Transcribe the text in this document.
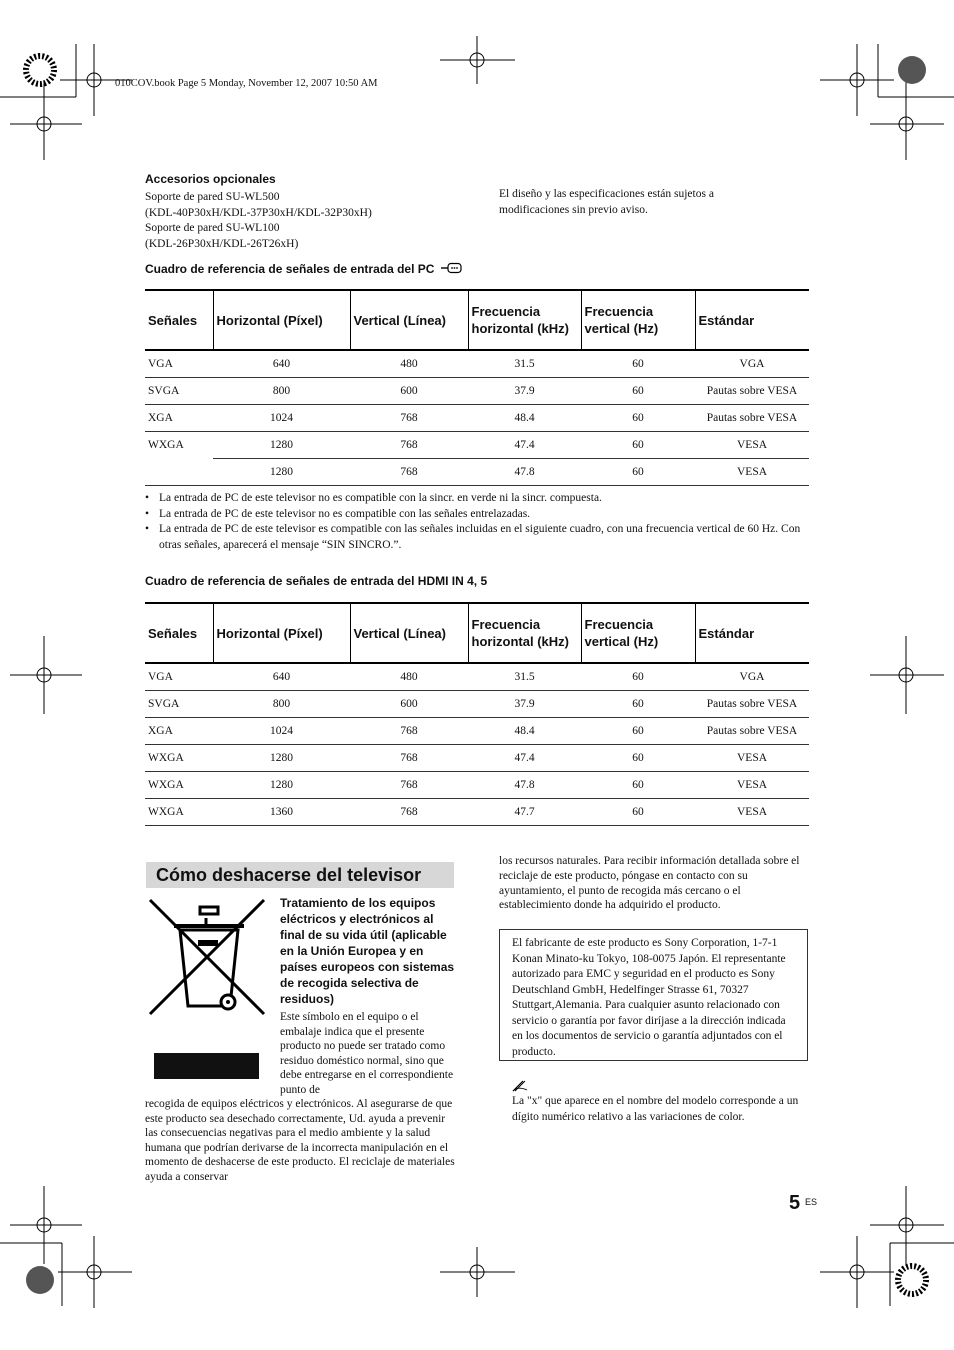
010COV.book Page 5 Monday, November 12, 2007 10:50 AM
Accesorios opcionales
Soporte de pared SU-WL500
(KDL-40P30xH/KDL-37P30xH/KDL-32P30xH)
Soporte de pared SU-WL100
(KDL-26P30xH/KDL-26T26xH)
El diseño y las especificaciones están sujetos a
modificaciones sin previo aviso.
Cuadro de referencia de señales de entrada del PC
Señales	Horizontal (Píxel)	Vertical (Línea)	Frecuencia horizontal (kHz)	Frecuencia vertical (Hz)	Estándar
VGA	640	480	31.5	60	VGA
SVGA	800	600	37.9	60	Pautas sobre VESA
XGA	1024	768	48.4	60	Pautas sobre VESA
WXGA	1280	768	47.4	60	VESA
	1280	768	47.8	60	VESA
• La entrada de PC de este televisor no es compatible con la sincr. en verde ni la sincr. compuesta.
• La entrada de PC de este televisor no es compatible con las señales entrelazadas.
• La entrada de PC de este televisor es compatible con las señales incluidas en el siguiente cuadro, con una frecuencia vertical de 60 Hz. Con otras señales, aparecerá el mensaje “SIN SINCRO.”.
Cuadro de referencia de señales de entrada del HDMI IN 4, 5
Señales	Horizontal (Píxel)	Vertical (Línea)	Frecuencia horizontal (kHz)	Frecuencia vertical (Hz)	Estándar
VGA	640	480	31.5	60	VGA
SVGA	800	600	37.9	60	Pautas sobre VESA
XGA	1024	768	48.4	60	Pautas sobre VESA
WXGA	1280	768	47.4	60	VESA
WXGA	1280	768	47.8	60	VESA
WXGA	1360	768	47.7	60	VESA
Cómo deshacerse del televisor
Tratamiento de los equipos eléctricos y electrónicos al final de su vida útil (aplicable en la Unión Europea y en países europeos con sistemas de recogida selectiva de residuos)
Este símbolo en el equipo o el embalaje indica que el presente producto no puede ser tratado como residuo doméstico normal, sino que debe entregarse en el correspondiente punto de
recogida de equipos eléctricos y electrónicos. Al asegurarse de que este producto sea desechado correctamente, Ud. ayuda a prevenir las consecuencias negativas para el medio ambiente y la salud humana que podrían derivarse de la incorrecta manipulación en el momento de deshacerse de este producto. El reciclaje de materiales ayuda a conservar
los recursos naturales. Para recibir información detallada sobre el reciclaje de este producto, póngase en contacto con su ayuntamiento, el punto de recogida más cercano o el establecimiento donde ha adquirido el producto.
El fabricante de este producto es Sony Corporation, 1-7-1 Konan Minato-ku Tokyo, 108-0075 Japón. El representante autorizado para EMC y seguridad en el producto es Sony Deutschland GmbH, Hedelfinger Strasse 61, 70327 Stuttgart,Alemania. Para cualquier asunto relacionado con servicio o garantía por favor diríjase a la dirección indicada en los documentos de servicio o garantía adjuntados con el producto.
La "x" que aparece en el nombre del modelo corresponde a un dígito numérico relativo a las variaciones de color.
5 ES
